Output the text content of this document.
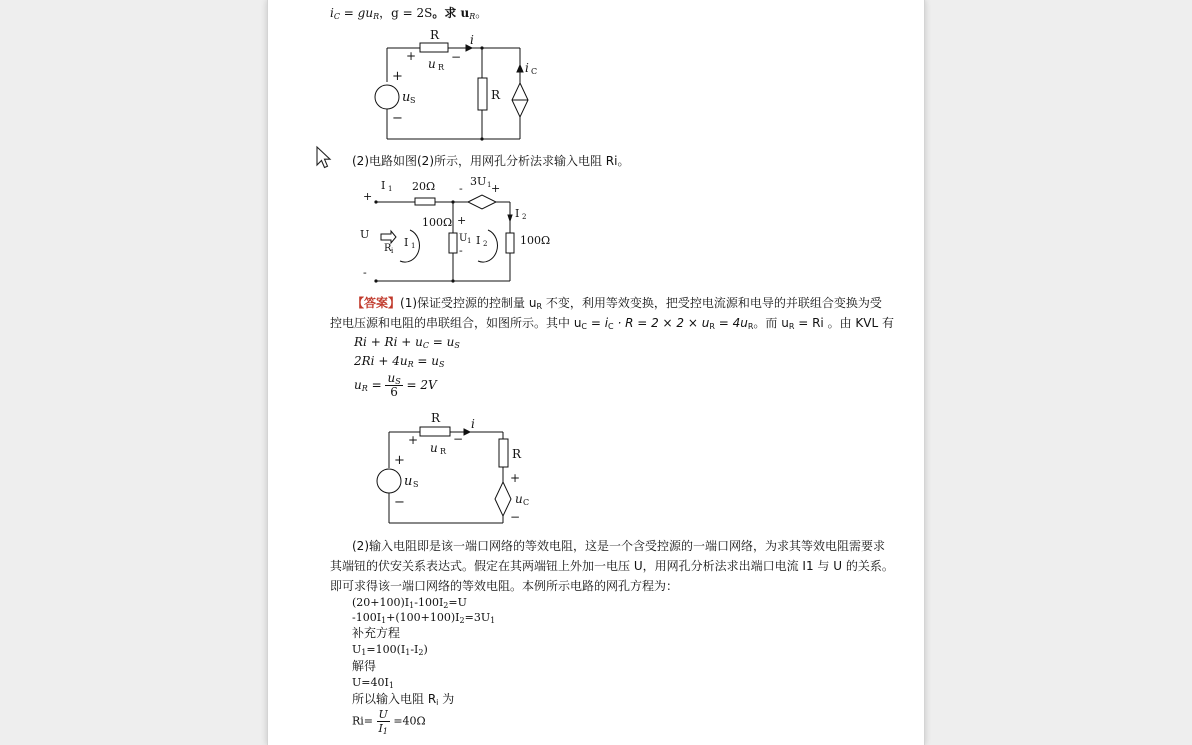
$i_C = gu_R$，g = 2S。求 $u_R$。
R	i
+
u R
−
+
u S
−
R
i C
(2)电路如图(2)所示，用网孔分析法求输入电阻 Ri。
+
-
U
I 1 20Ω -
3U 1 +
I 2
100Ω
100Ω
+
U 1
-
R i
I 1	I 2
【答案】(1)保证受控源的控制量 $u_R$ 不变，利用等效变换，把受控电流源和电导的并联组合变换为受
控电压源和电阻的串联组合，如图所示。其中 $u_C = i_C \cdot R = 2 \times 2 \times u_R = 4u_R$。而 $u_R = Ri$ 。由 KVL 有
$Ri + Ri + u_C = u_S$
$2Ri + 4u_R = u_S$
$u_R = \frac{u_S}{6} = 2V$
R	i
+
u R
−
+
u S
−
R
+
u C
−
(2)输入电阻即是该一端口网络的等效电阻，这是一个含受控源的一端口网络，为求其等效电阻需要求
其端钮的伏安关系表达式。假定在其两端钮上外加一电压 U，用网孔分析法求出端口电流 I1 与 U 的关系。
即可求得该一端口网络的等效电阻。本例所示电路的网孔方程为：
$(20+100)I_1-100I_2=U$
$-100I_1+(100+100)I_2=3U_1$
补充方程
$U_1=100(I_1-I_2)$
解得
$U=40I_1$
所以输入电阻 $R_i$ 为
$Ri= \frac{U}{I_1} =40\Omega$
